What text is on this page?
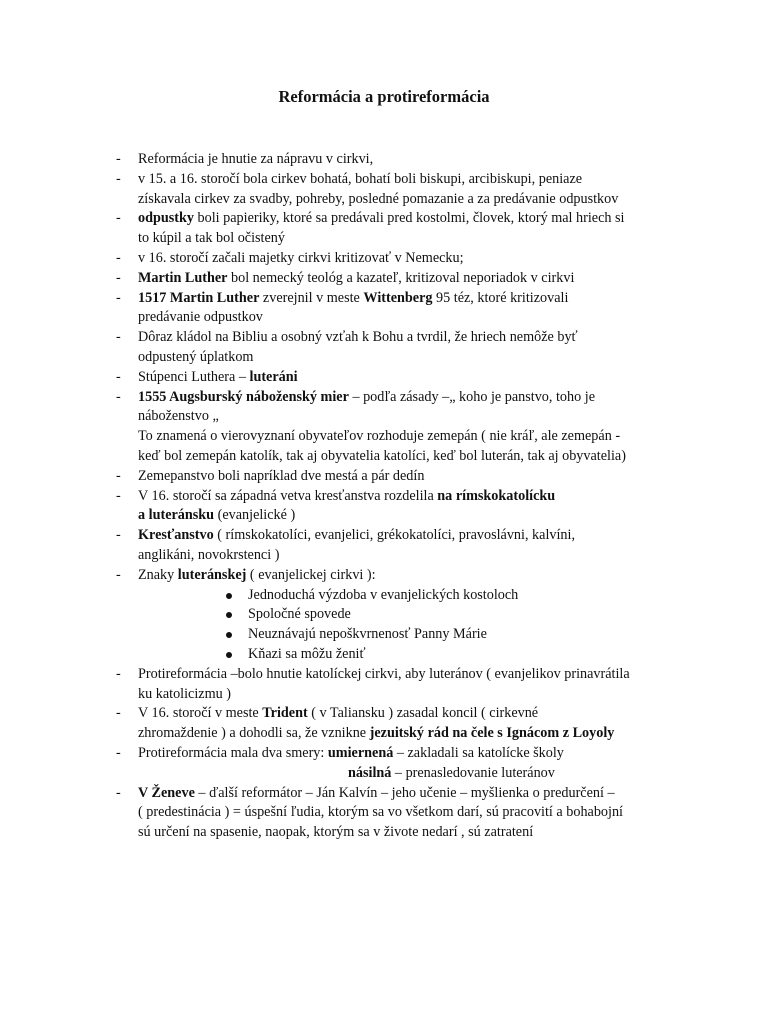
Reformácia a protireformácia
- Reformácia je hnutie za nápravu v cirkvi,
- v 15. a 16. storočí bola cirkev bohatá, bohatí boli biskupi, arcibiskupi, peniaze
získavala cirkev za svadby, pohreby, posledné pomazanie a za predávanie odpustkov
- odpustky boli papieriky, ktoré sa predávali pred kostolmi, človek, ktorý mal hriech si
to kúpil a tak bol očistený
- v 16. storočí začali majetky cirkvi kritizovať v Nemecku;
- Martin Luther bol nemecký teológ a kazateľ, kritizoval neporiadok v cirkvi
- 1517 Martin Luther zverejnil v meste Wittenberg 95 téz, ktoré kritizovali
predávanie odpustkov
- Dôraz kládol na Bibliu a osobný vzťah k Bohu a tvrdil, že hriech nemôže byť
odpustený úplatkom
- Stúpenci Luthera – luteráni
- 1555 Augsburský náboženský mier – podľa zásady –„ koho je panstvo, toho je
náboženstvo „
To znamená o vierovyznaní obyvateľov rozhoduje zemepán ( nie kráľ, ale zemepán -
keď bol zemepán katolík, tak aj obyvatelia katolíci, keď bol luterán, tak aj obyvatelia)
- Zemepanstvo boli napríklad dve mestá a pár dedín
- V 16. storočí sa západná vetva kresťanstva rozdelila na rímskokatolícku
a luteránsku (evanjelické )
- Kresťanstvo ( rímskokatolíci, evanjelici, grékokatolíci, pravoslávni, kalvíni,
anglikáni, novokrstenci )
- Znaky luteránskej ( evanjelickej cirkvi ):
Jednoduchá výzdoba v evanjelických kostoloch
Spoločné spovede
Neuznávajú nepoškvrnenosť Panny Márie
Kňazi sa môžu ženiť
- Protireformácia –bolo hnutie katolíckej cirkvi, aby luteránov ( evanjelikov prinavrátila
ku katolicizmu )
- V 16. storočí v meste Trident ( v Taliansku ) zasadal koncil ( cirkevné
zhromaždenie ) a dohodli sa, že vznikne jezuitský rád na čele s Ignácom z Loyoly
- Protireformácia mala dva smery: umiernená – zakladali sa katolícke školy
násilná – prenasledovanie luteránov
- V Ženeve – ďalší reformátor – Ján Kalvín – jeho učenie – myšlienka o predurčení –
( predestinácia ) = úspešní ľudia, ktorým sa vo všetkom darí, sú pracovití a bohabojní
sú určení na spasenie, naopak, ktorým sa v živote nedarí , sú zatratení
